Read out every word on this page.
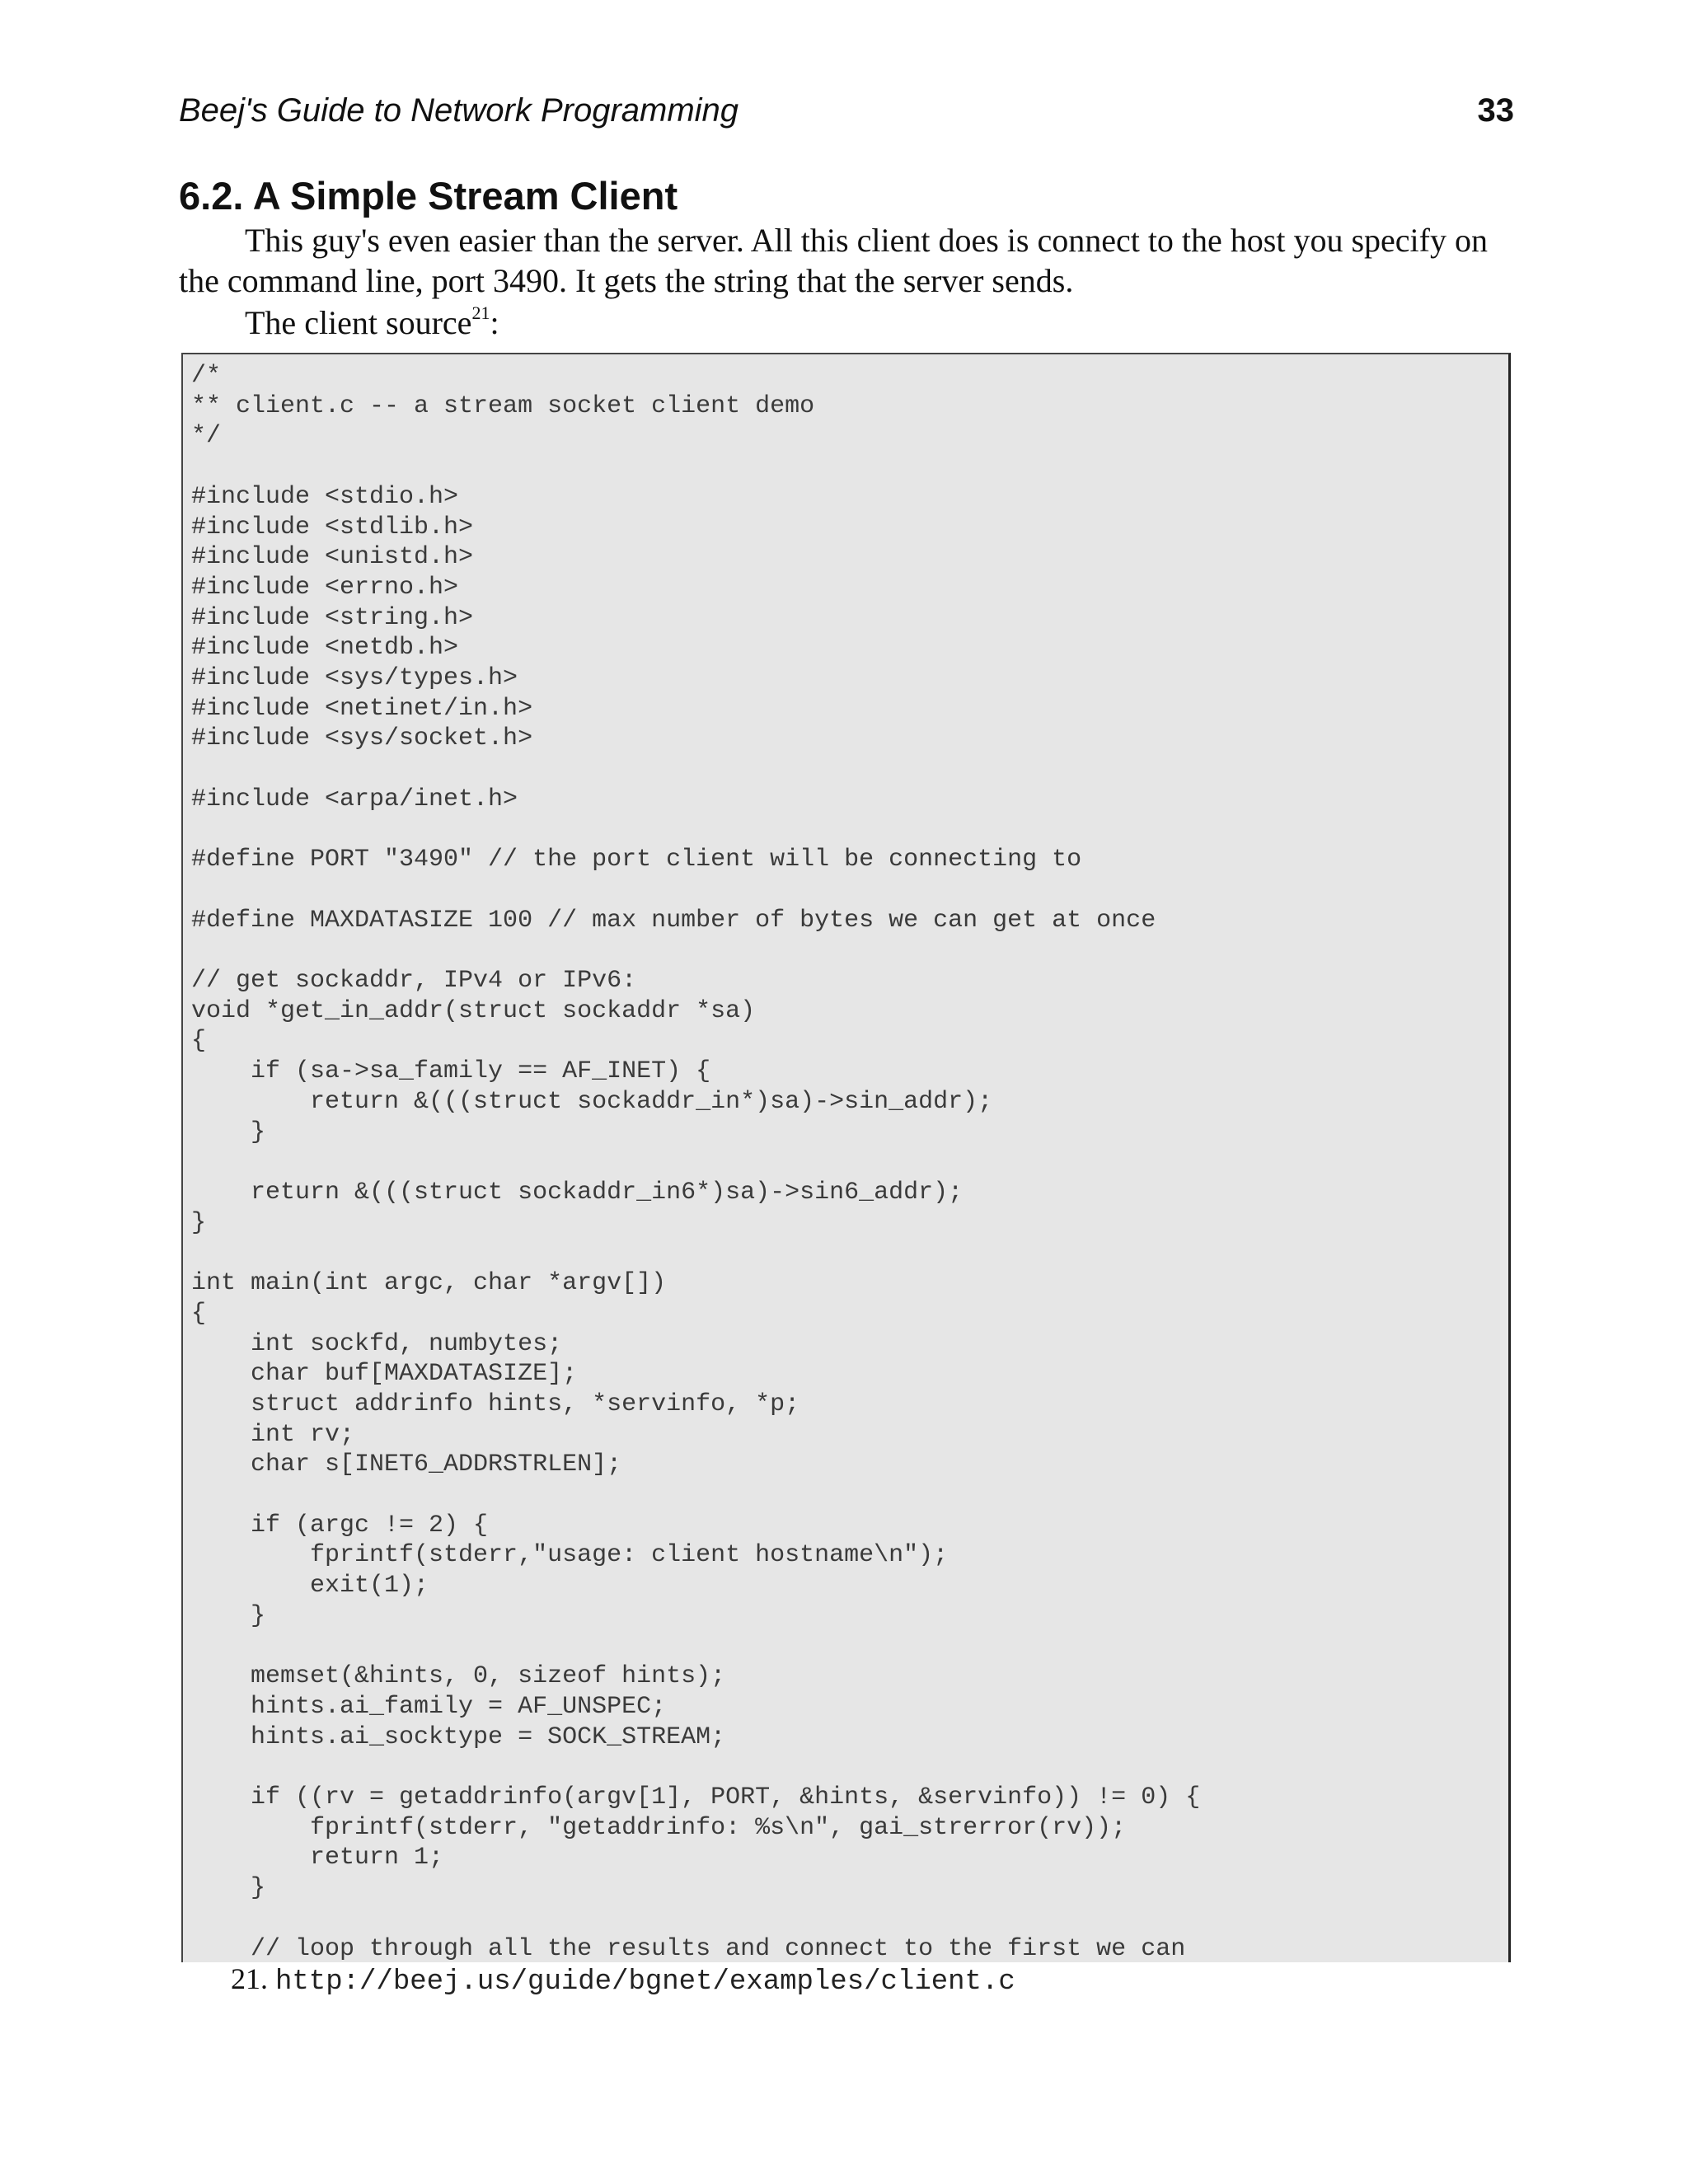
Beej's Guide to Network Programming	33
6.2. A Simple Stream Client

This guy's even easier than the server. All this client does is connect to the host you specify on the command line, port 3490. It gets the string that the server sends.

The client source$^{21}$:
/*
** client.c -- a stream socket client demo
*/

#include <stdio.h>
#include <stdlib.h>
#include <unistd.h>
#include <errno.h>
#include <string.h>
#include <netdb.h>
#include <sys/types.h>
#include <netinet/in.h>
#include <sys/socket.h>

#include <arpa/inet.h>

#define PORT "3490" // the port client will be connecting to

#define MAXDATASIZE 100 // max number of bytes we can get at once

// get sockaddr, IPv4 or IPv6:
void *get_in_addr(struct sockaddr *sa)
{
if (sa->sa_family == AF_INET) {
return &(((struct sockaddr_in*)sa)->sin_addr);
}

return &(((struct sockaddr_in6*)sa)->sin6_addr);
}

int main(int argc, char *argv[])
{
int sockfd, numbytes;
char buf[MAXDATASIZE];
struct addrinfo hints, *servinfo, *p;
int rv;
char s[INET6_ADDRSTRLEN];

if (argc != 2) {
fprintf(stderr,"usage: client hostname\n");
exit(1);
}

memset(&hints, 0, sizeof hints);
hints.ai_family = AF_UNSPEC;
hints.ai_socktype = SOCK_STREAM;

if ((rv = getaddrinfo(argv[1], PORT, &hints, &servinfo)) != 0) {
fprintf(stderr, "getaddrinfo: %s\n", gai_strerror(rv));
return 1;
}

// loop through all the results and connect to the first we can
21. http://beej.us/guide/bgnet/examples/client.c
